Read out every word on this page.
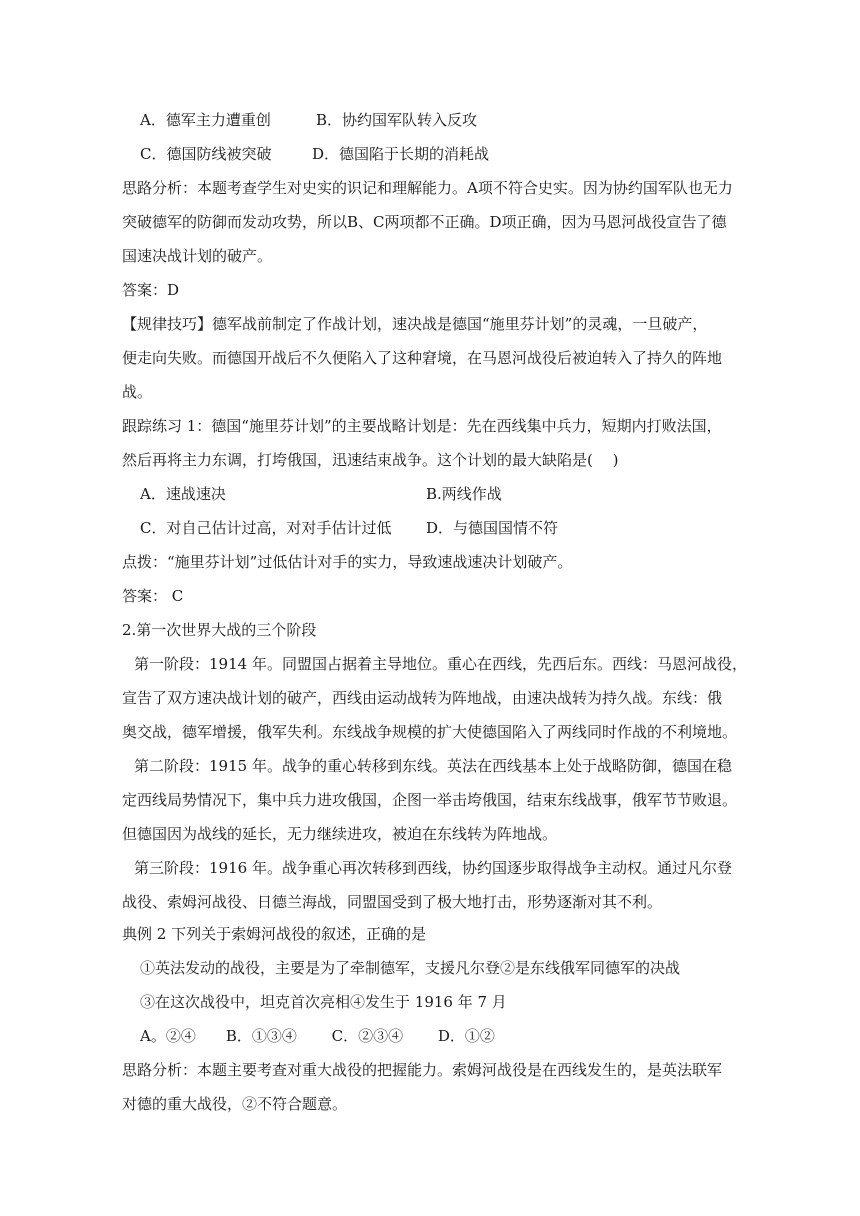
A．德军主力遭重创	B．协约国军队转入反攻
C．德国防线被突破	D．德国陷于长期的消耗战
思路分析：本题考查学生对史实的识记和理解能力。A项不符合史实。因为协约国军队也无力
突破德军的防御而发动攻势，所以B、C两项都不正确。D项正确，因为马恩河战役宣告了德
国速决战计划的破产。
答案：D
【规律技巧】德军战前制定了作战计划，速决战是德国“施里芬计划”的灵魂，一旦破产，
便走向失败。而德国开战后不久便陷入了这种窘境，在马恩河战役后被迫转入了持久的阵地
战。
跟踪练习 1：德国“施里芬计划”的主要战略计划是：先在西线集中兵力，短期内打败法国，
然后再将主力东调，打垮俄国，迅速结束战争。这个计划的最大缺陷是(　 )
A．速战速决	B.两线作战
C．对自己估计过高，对对手估计过低 D．与德国国情不符
点拨：“施里芬计划”过低估计对手的实力，导致速战速决计划破产。
答案： C
2.第一次世界大战的三个阶段
第一阶段：1914 年。同盟国占据着主导地位。重心在西线，先西后东。西线：马恩河战役，
宣告了双方速决战计划的破产，西线由运动战转为阵地战，由速决战转为持久战。东线：俄
奥交战，德军增援，俄军失利。东线战争规模的扩大使德国陷入了两线同时作战的不利境地。
第二阶段：1915 年。战争的重心转移到东线。英法在西线基本上处于战略防御，德国在稳
定西线局势情况下，集中兵力进攻俄国，企图一举击垮俄国，结束东线战事，俄军节节败退。
但德国因为战线的延长，无力继续进攻，被迫在东线转为阵地战。
第三阶段：1916 年。战争重心再次转移到西线，协约国逐步取得战争主动权。通过凡尔登
战役、索姆河战役、日德兰海战，同盟国受到了极大地打击，形势逐渐对其不利。
典例 2 下列关于索姆河战役的叙述，正确的是
①英法发动的战役，主要是为了牵制德军，支援凡尔登②是东线俄军同德军的决战
③在这次战役中，坦克首次亮相④发生于 1916 年 7 月
A。②④　　B．①③④　　 C．②③④　　 D．①②
思路分析：本题主要考查对重大战役的把握能力。索姆河战役是在西线发生的，是英法联军
对德的重大战役，②不符合题意。
